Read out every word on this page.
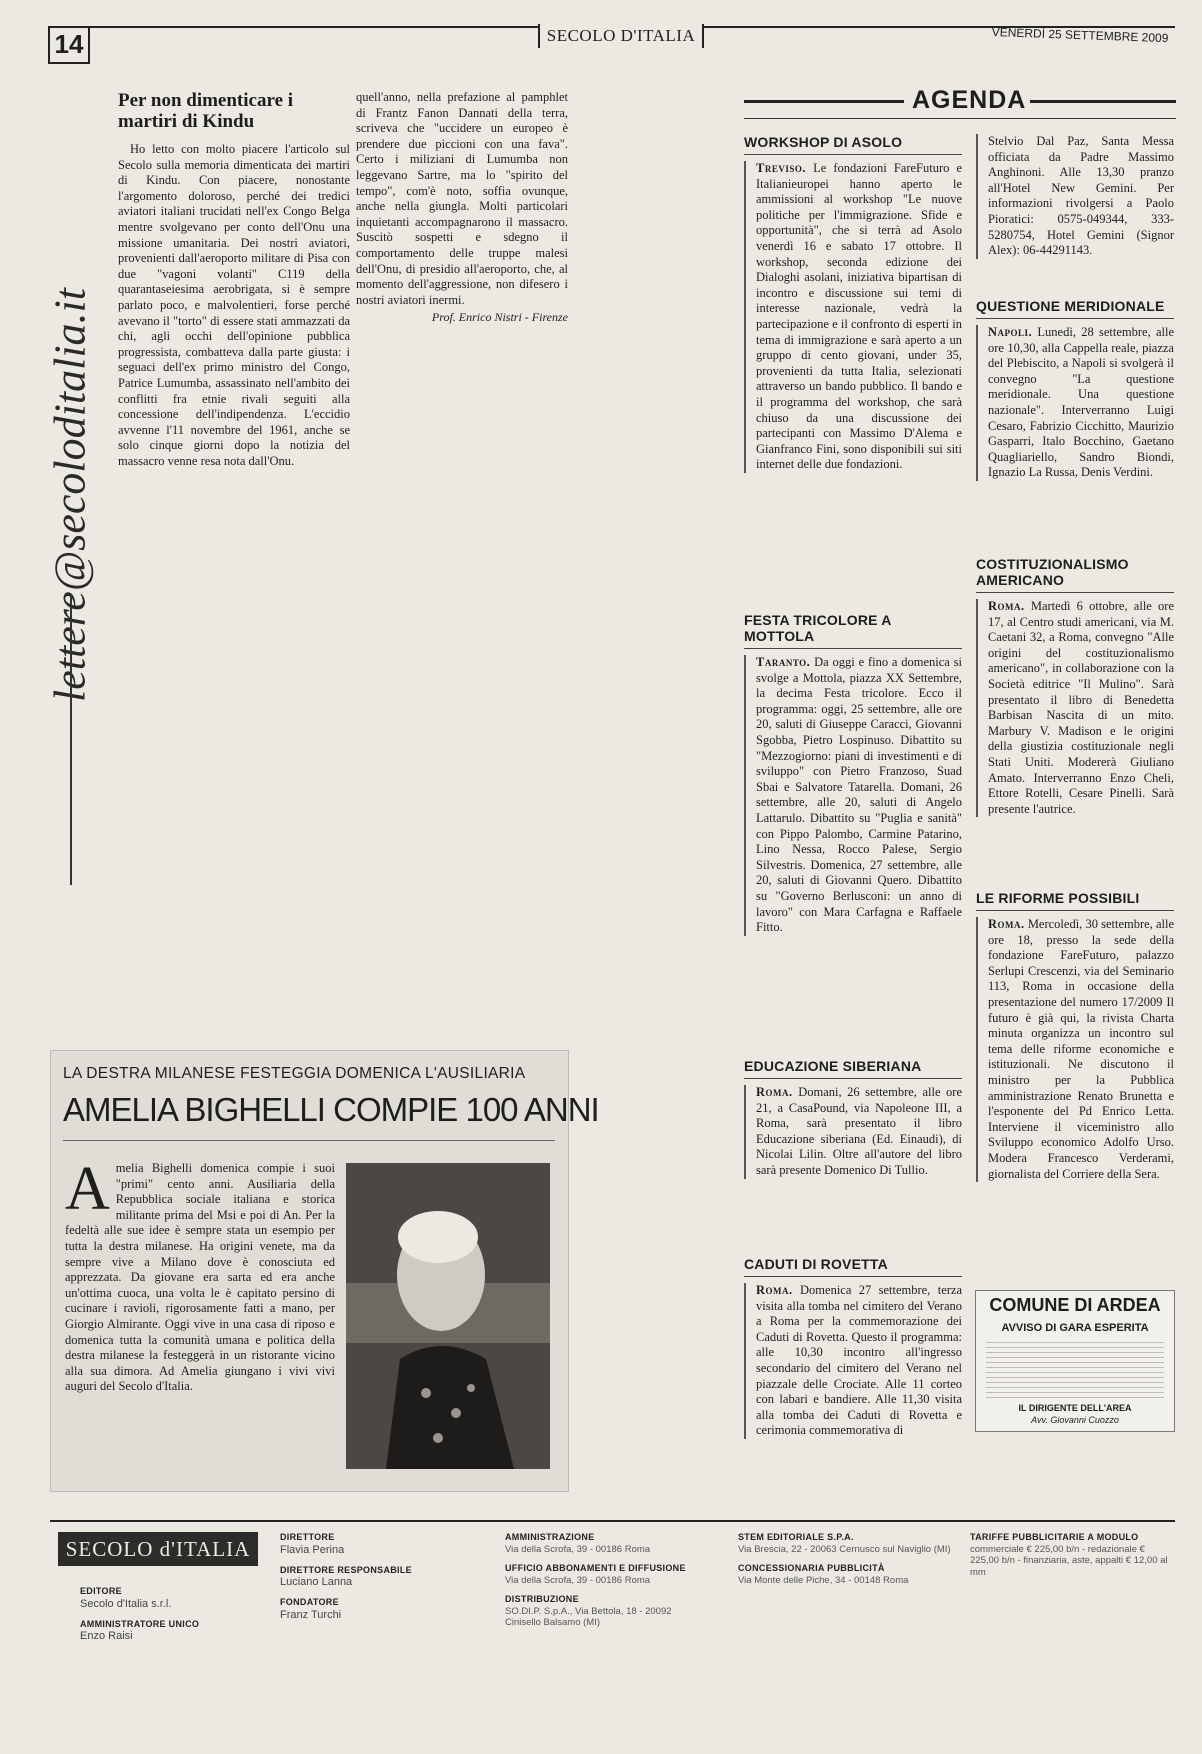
14	SECOLO D'ITALIA	VENERDÌ 25 SETTEMBRE 2009
lettere@secoloditalia.it
Per non dimenticare i martiri di Kindu

Ho letto con molto piacere l'articolo sul Secolo sulla memoria dimenticata dei martiri di Kindu. Con piacere, nonostante l'argomento doloroso, perché dei tredici aviatori italiani trucidati nell'ex Congo Belga mentre svolgevano per conto dell'Onu una missione umanitaria. Dei nostri aviatori, provenienti dall'aeroporto militare di Pisa con due "vagoni volanti" C119 della quarantaseiesima aerobrigata, si è sempre parlato poco, e malvolentieri, forse perché avevano il "torto" di essere stati ammazzati da chi, agli occhi dell'opinione pubblica progressista, combatteva dalla parte giusta: i seguaci dell'ex primo ministro del Congo, Patrice Lumumba, assassinato nell'ambito dei conflitti fra etnie rivali seguiti alla concessione dell'indipendenza. L'eccidio avvenne l'11 novembre del 1961, anche se solo cinque giorni dopo la notizia del massacro venne resa nota dall'Onu.

quell'anno, nella prefazione al pamphlet di Frantz Fanon Dannati della terra, scriveva che "uccidere un europeo è prendere due piccioni con una fava". Certo i miliziani di Lumumba non leggevano Sartre, ma lo "spirito del tempo", com'è noto, soffia ovunque, anche nella giungla. Molti particolari inquietanti accompagnarono il massacro. Suscitò sospetti e sdegno il comportamento delle truppe malesi dell'Onu, di presidio all'aeroporto, che, al momento dell'aggressione, non difesero i nostri aviatori inermi.

Prof. Enrico Nistri - Firenze
AGENDA
WORKSHOP DI ASOLO
Treviso. Le fondazioni FareFuturo e Italianieuropei hanno aperto le ammissioni al workshop "Le nuove politiche per l'immigrazione. Sfide e opportunità", che si terrà ad Asolo venerdì 16 e sabato 17 ottobre. Il workshop, seconda edizione dei Dialoghi asolani, iniziativa bipartisan di incontro e discussione sui temi di interesse nazionale, vedrà la partecipazione e il confronto di esperti in tema di immigrazione e sarà aperto a un gruppo di cento giovani, under 35, provenienti da tutta Italia, selezionati attraverso un bando pubblico. Il bando e il programma del workshop, che sarà chiuso da una discussione dei partecipanti con Massimo D'Alema e Gianfranco Fini, sono disponibili sui siti internet delle due fondazioni.
FESTA TRICOLORE A MOTTOLA
Taranto. Da oggi e fino a domenica si svolge a Mottola, piazza XX Settembre, la decima Festa tricolore. Ecco il programma: oggi, 25 settembre, alle ore 20, saluti di Giuseppe Caracci, Giovanni Sgobba, Pietro Lospinuso. Dibattito su "Mezzogiorno: piani di investimenti e di sviluppo" con Pietro Franzoso, Suad Sbai e Salvatore Tatarella. Domani, 26 settembre, alle 20, saluti di Angelo Lattarulo. Dibattito su "Puglia e sanità" con Pippo Palombo, Carmine Patarino, Lino Nessa, Rocco Palese, Sergio Silvestris. Domenica, 27 settembre, alle 20, saluti di Giovanni Quero. Dibattito su "Governo Berlusconi: un anno di lavoro" con Mara Carfagna e Raffaele Fitto.
EDUCAZIONE SIBERIANA
Roma. Domani, 26 settembre, alle ore 21, a CasaPound, via Napoleone III, a Roma, sarà presentato il libro Educazione siberiana (Ed. Einaudi), di Nicolai Lilin. Oltre all'autore del libro sarà presente Domenico Di Tullio.
CADUTI DI ROVETTA
Roma. Domenica 27 settembre, terza visita alla tomba nel cimitero del Verano a Roma per la commemorazione dei Caduti di Rovetta. Questo il programma: alle 10,30 incontro all'ingresso secondario del cimitero del Verano nel piazzale delle Crociate. Alle 11 corteo con labari e bandiere. Alle 11,30 visita alla tomba dei Caduti di Rovetta e cerimonia commemorativa di
Stelvio Dal Paz, Santa Messa officiata da Padre Massimo Anghinoni. Alle 13,30 pranzo all'Hotel New Gemini. Per informazioni rivolgersi a Paolo Pioratici: 0575-049344, 333-5280754, Hotel Gemini (Signor Alex): 06-44291143.
QUESTIONE MERIDIONALE
Napoli. Lunedì, 28 settembre, alle ore 10,30, alla Cappella reale, piazza del Plebiscito, a Napoli si svolgerà il convegno "La questione meridionale. Una questione nazionale". Interverranno Luigi Cesaro, Fabrizio Cicchitto, Maurizio Gasparri, Italo Bocchino, Gaetano Quagliariello, Sandro Biondi, Ignazio La Russa, Denis Verdini.
COSTITUZIONALISMO AMERICANO
Roma. Martedì 6 ottobre, alle ore 17, al Centro studi americani, via M. Caetani 32, a Roma, convegno "Alle origini del costituzionalismo americano", in collaborazione con la Società editrice "Il Mulino". Sarà presentato il libro di Benedetta Barbisan Nascita di un mito. Marbury V. Madison e le origini della giustizia costituzionale negli Stati Uniti. Modererà Giuliano Amato. Interverranno Enzo Cheli, Ettore Rotelli, Cesare Pinelli. Sarà presente l'autrice.
LE RIFORME POSSIBILI
Roma. Mercoledì, 30 settembre, alle ore 18, presso la sede della fondazione FareFuturo, palazzo Serlupi Crescenzi, via del Seminario 113, Roma in occasione della presentazione del numero 17/2009 Il futuro è già qui, la rivista Charta minuta organizza un incontro sul tema delle riforme economiche e istituzionali. Ne discutono il ministro per la Pubblica amministrazione Renato Brunetta e l'esponente del Pd Enrico Letta. Interviene il viceministro allo Sviluppo economico Adolfo Urso. Modera Francesco Verderami, giornalista del Corriere della Sera.
LA DESTRA MILANESE FESTEGGIA DOMENICA L'AUSILIARIA
AMELIA BIGHELLI COMPIE 100 ANNI
Amelia Bighelli domenica compie i suoi "primi" cento anni. Ausiliaria della Repubblica sociale italiana e storica militante prima del Msi e poi di An. Per la fedeltà alle sue idee è sempre stata un esempio per tutta la destra milanese. Ha origini venete, ma da sempre vive a Milano dove è conosciuta ed apprezzata. Da giovane era sarta ed era anche un'ottima cuoca, una volta le è capitato persino di cucinare i ravioli, rigorosamente fatti a mano, per Giorgio Almirante. Oggi vive in una casa di riposo e domenica tutta la comunità umana e politica della destra milanese la festeggerà in un ristorante vicino alla sua dimora. Ad Amelia giungano i vivi vivi auguri del Secolo d'Italia.
COMUNE DI ARDEA
AVVISO DI GARA ESPERITA
IL DIRIGENTE DELL'AREA
Avv. Giovanni Cuozzo
SECOLO d'ITALIA
EDITORE
Secolo d'Italia s.r.l.
AMMINISTRATORE UNICO
Enzo Raisi
DIRETTORE
Flavia Perina
DIRETTORE RESPONSABILE
Luciano Lanna
FONDATORE
Franz Turchi
AMMINISTRAZIONE
Via della Scrofa, 39 - 00186 Roma
UFFICIO ABBONAMENTI E DIFFUSIONE
Via della Scrofa, 39 - 00186 Roma
DISTRIBUZIONE
SO.DI.P. S.p.A., Via Bettola, 18 - 20092 Cinisello Balsamo (MI)
STEM EDITORIALE S.P.A.
Via Brescia, 22 - 20063 Cernusco sul Naviglio (MI)
CONCESSIONARIA PUBBLICITÀ
Via Monte delle Piche, 34 - 00148 Roma
TARIFFE PUBBLICITARIE A MODULO
commerciale € 225,00 b/n - redazionale € 225,00 b/n - finanziaria, aste, appalti € 12,00 al mm
